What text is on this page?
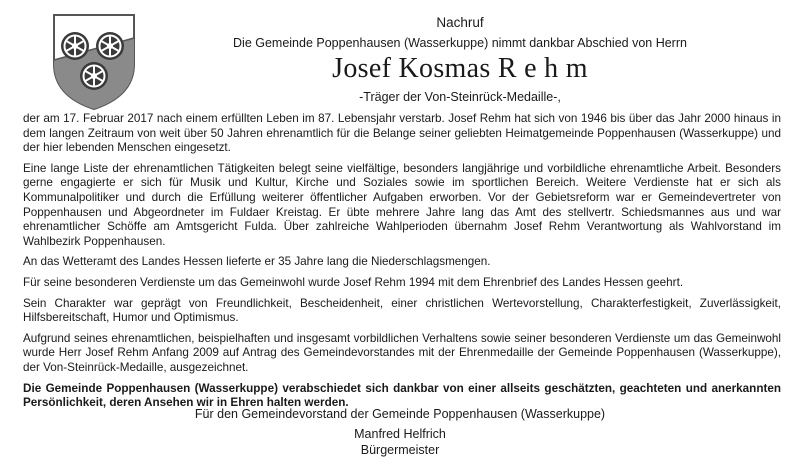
Nachruf
Die Gemeinde Poppenhausen (Wasserkuppe) nimmt dankbar Abschied von Herrn
Josef Kosmas R e h m
-Träger der Von-Steinrück-Medaille-,

der am 17. Februar 2017 nach einem erfüllten Leben im 87. Lebensjahr verstarb. Josef Rehm hat sich von 1946 bis über das Jahr 2000 hinaus in dem langen Zeitraum von weit über 50 Jahren ehrenamtlich für die Belange seiner geliebten Heimatgemeinde Poppenhausen (Wasserkuppe) und der hier lebenden Menschen eingesetzt.

Eine lange Liste der ehrenamtlichen Tätigkeiten belegt seine vielfältige, besonders langjährige und vorbildliche ehrenamtliche Arbeit. Besonders gerne engagierte er sich für Musik und Kultur, Kirche und Soziales sowie im sportlichen Bereich. Weitere Verdienste hat er sich als Kommunalpolitiker und durch die Erfüllung weiterer öffentlicher Aufgaben erworben. Vor der Gebietsreform war er Gemeindevertreter von Poppenhausen und Abgeordneter im Fuldaer Kreistag. Er übte mehrere Jahre lang das Amt des stellvertr. Schiedsmannes aus und war ehrenamtlicher Schöffe am Amtsgericht Fulda. Über zahlreiche Wahlperioden übernahm Josef Rehm Verantwortung als Wahlvorstand im Wahlbezirk Poppenhausen.

An das Wetteramt des Landes Hessen lieferte er 35 Jahre lang die Niederschlagsmengen.

Für seine besonderen Verdienste um das Gemeinwohl wurde Josef Rehm 1994 mit dem Ehrenbrief des Landes Hessen geehrt.

Sein Charakter war geprägt von Freundlichkeit, Bescheidenheit, einer christlichen Wertevorstellung, Charakterfestigkeit, Zuverlässigkeit, Hilfsbereitschaft, Humor und Optimismus.

Aufgrund seines ehrenamtlichen, beispielhaften und insgesamt vorbildlichen Verhaltens sowie seiner besonderen Verdienste um das Gemeinwohl wurde Herr Josef Rehm Anfang 2009 auf Antrag des Gemeindevorstandes mit der Ehrenmedaille der Gemeinde Poppenhausen (Wasserkuppe), der Von-Steinrück-Medaille, ausgezeichnet.

Die Gemeinde Poppenhausen (Wasserkuppe) verabschiedet sich dankbar von einer allseits geschätzten, geachteten und anerkannten Persönlichkeit, deren Ansehen wir in Ehren halten werden.

Für den Gemeindevorstand der Gemeinde Poppenhausen (Wasserkuppe)
Manfred Helfrich
Bürgermeister
